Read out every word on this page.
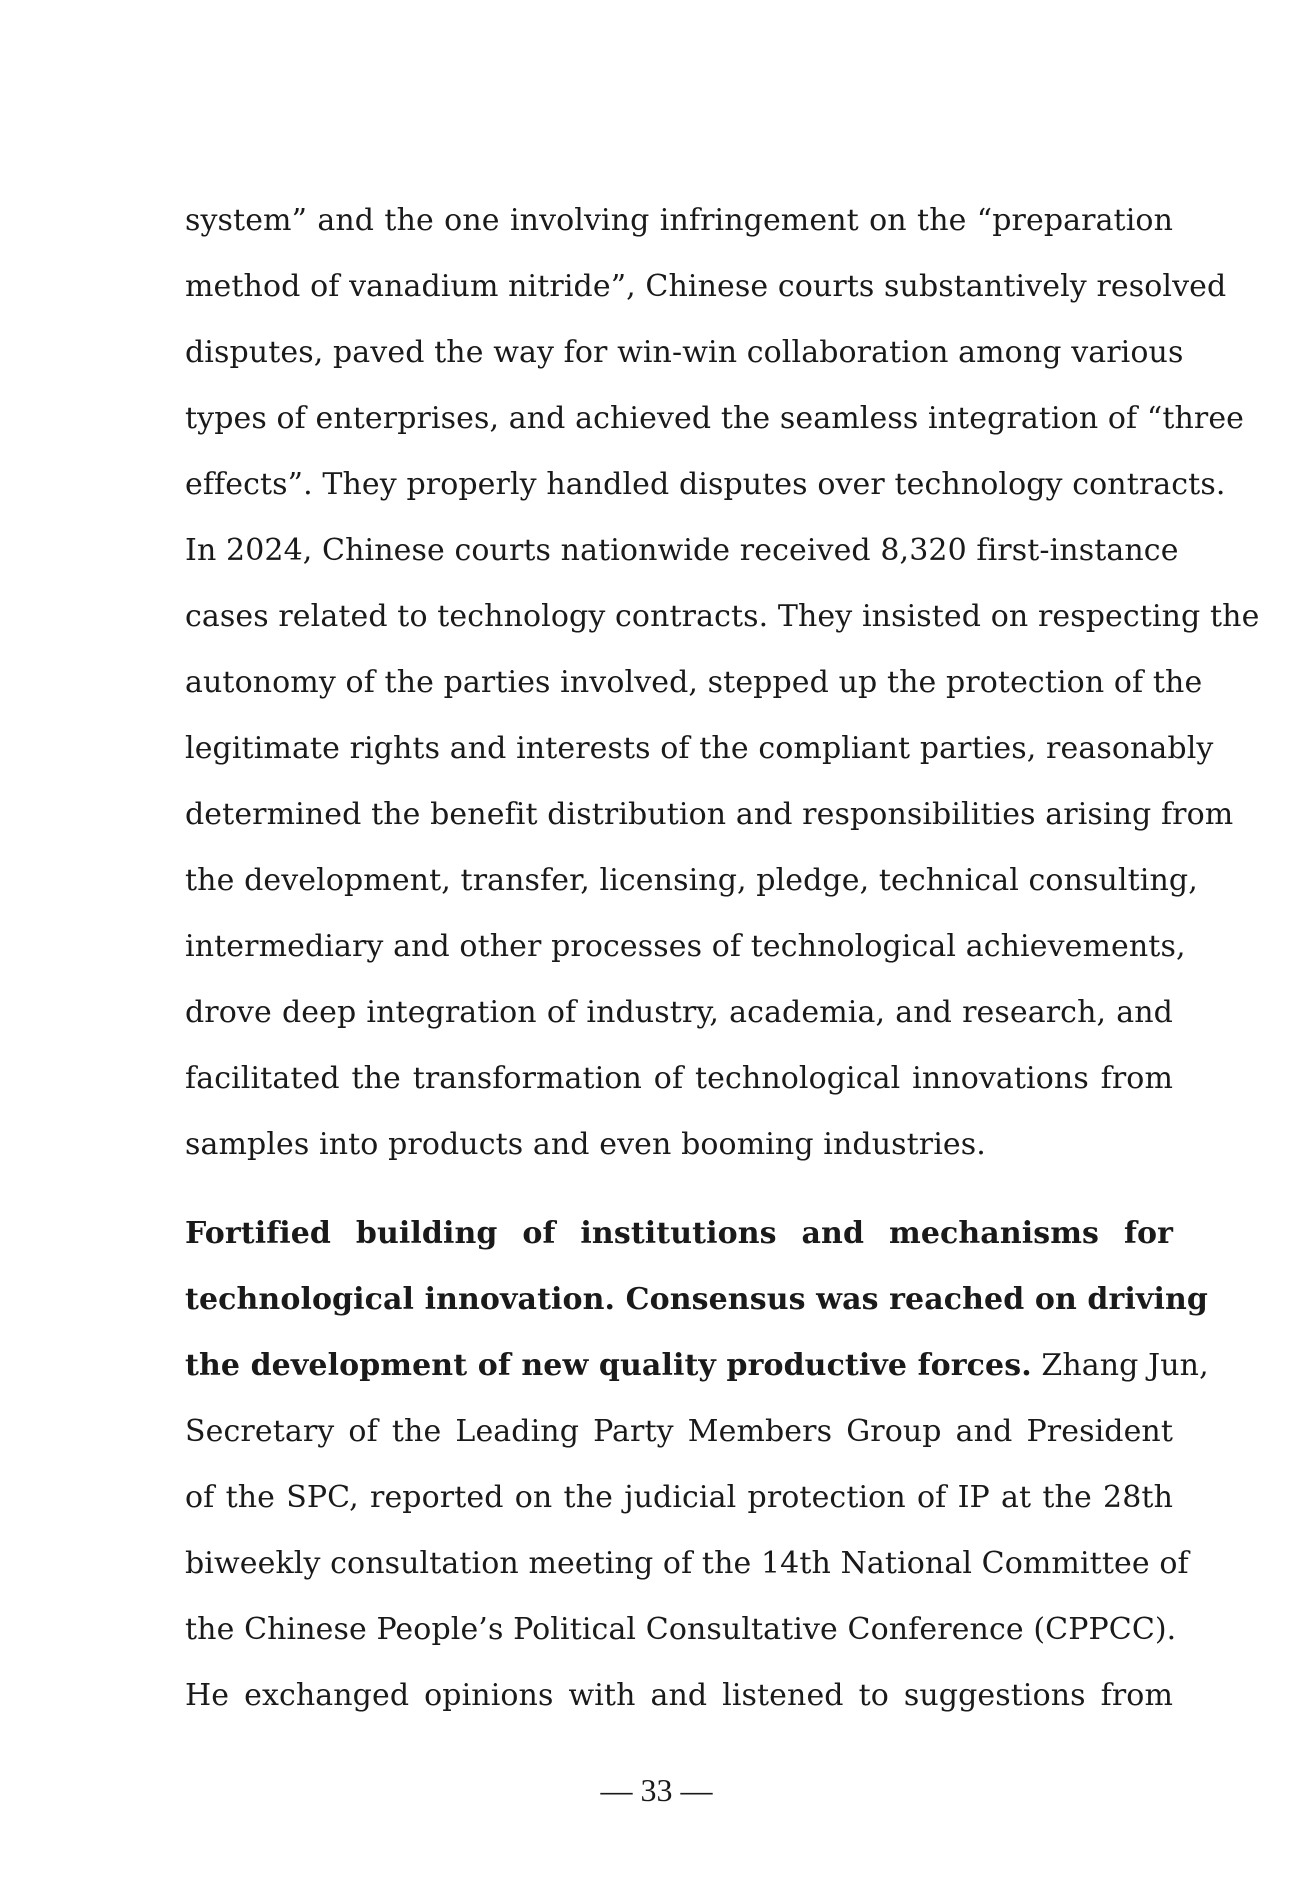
system” and the one involving infringement on the “preparation
method of vanadium nitride”, Chinese courts substantively resolved
disputes, paved the way for win-win collaboration among various
types of enterprises, and achieved the seamless integration of “three
effects”. They properly handled disputes over technology contracts.
In 2024, Chinese courts nationwide received 8,320 first-instance
cases related to technology contracts. They insisted on respecting the
autonomy of the parties involved, stepped up the protection of the
legitimate rights and interests of the compliant parties, reasonably
determined the benefit distribution and responsibilities arising from
the development, transfer, licensing, pledge, technical consulting,
intermediary and other processes of technological achievements,
drove deep integration of industry, academia, and research, and
facilitated the transformation of technological innovations from
samples into products and even booming industries.
Fortified building of institutions and mechanisms for
technological innovation. Consensus was reached on driving
the development of new quality productive forces. Zhang Jun,
Secretary of the Leading Party Members Group and President
of the SPC, reported on the judicial protection of IP at the 28th
biweekly consultation meeting of the 14th National Committee of
the Chinese People’s Political Consultative Conference (CPPCC).
He exchanged opinions with and listened to suggestions from
— 33 —
